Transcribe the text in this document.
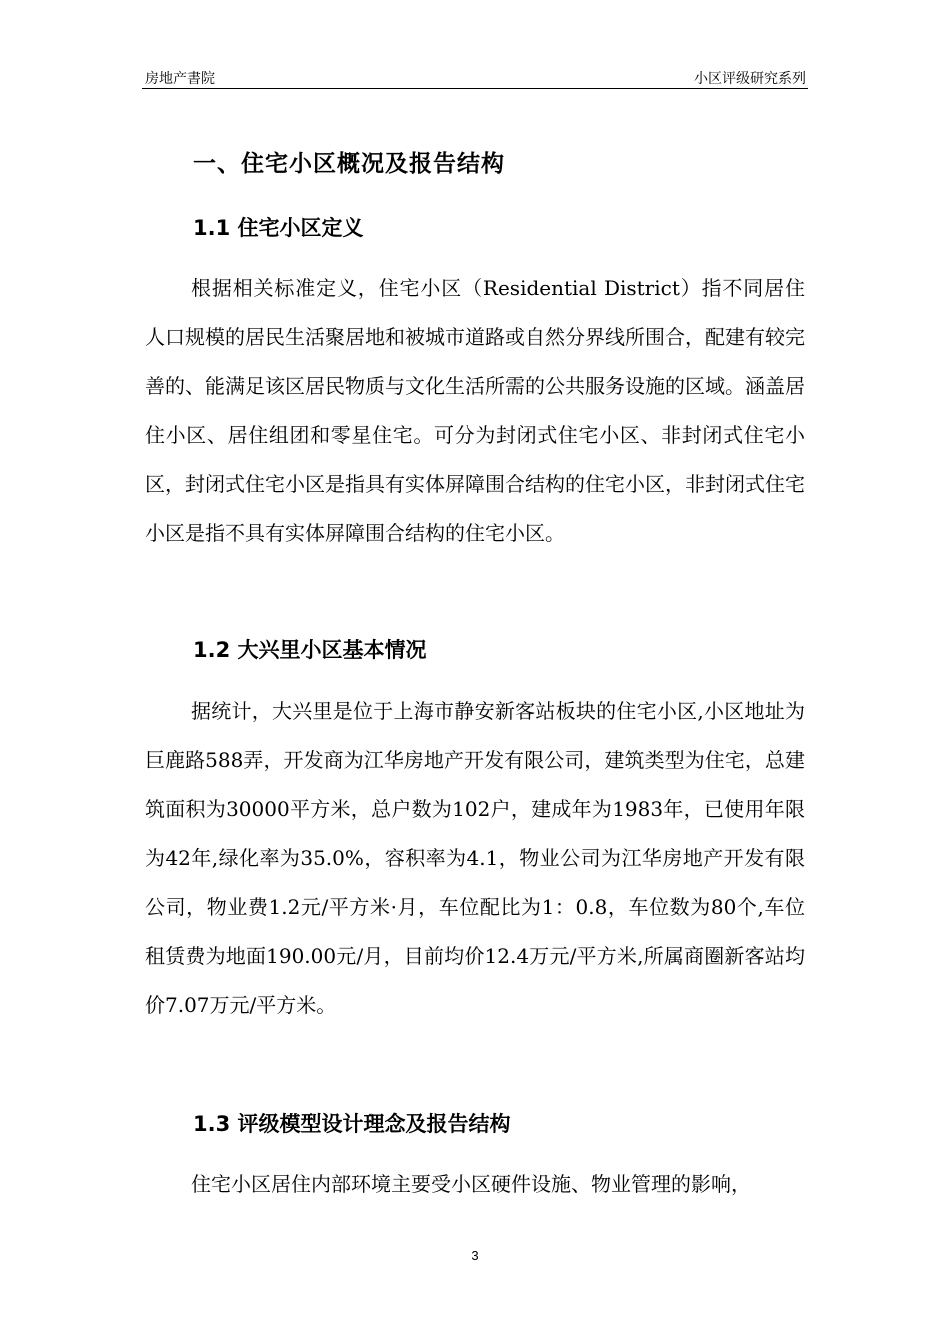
房地产書院	小区评级研究系列
一、住宅小区概况及报告结构
1.1 住宅小区定义
根据相关标准定义，住宅小区（Residential District）指不同居住人口规模的居民生活聚居地和被城市道路或自然分界线所围合，配建有较完善的、能满足该区居民物质与文化生活所需的公共服务设施的区域。涵盖居住小区、居住组团和零星住宅。可分为封闭式住宅小区、非封闭式住宅小区，封闭式住宅小区是指具有实体屏障围合结构的住宅小区，非封闭式住宅小区是指不具有实体屏障围合结构的住宅小区。
1.2 大兴里小区基本情况
据统计，大兴里是位于上海市静安新客站板块的住宅小区,小区地址为巨鹿路588弄，开发商为江华房地产开发有限公司，建筑类型为住宅，总建筑面积为30000平方米，总户数为102户，建成年为1983年，已使用年限为42年,绿化率为35.0%，容积率为4.1，物业公司为江华房地产开发有限公司，物业费1.2元/平方米·月，车位配比为1：0.8，车位数为80个,车位租赁费为地面190.00元/月，目前均价12.4万元/平方米,所属商圈新客站均价7.07万元/平方米。
1.3 评级模型设计理念及报告结构
住宅小区居住内部环境主要受小区硬件设施、物业管理的影响，
3
